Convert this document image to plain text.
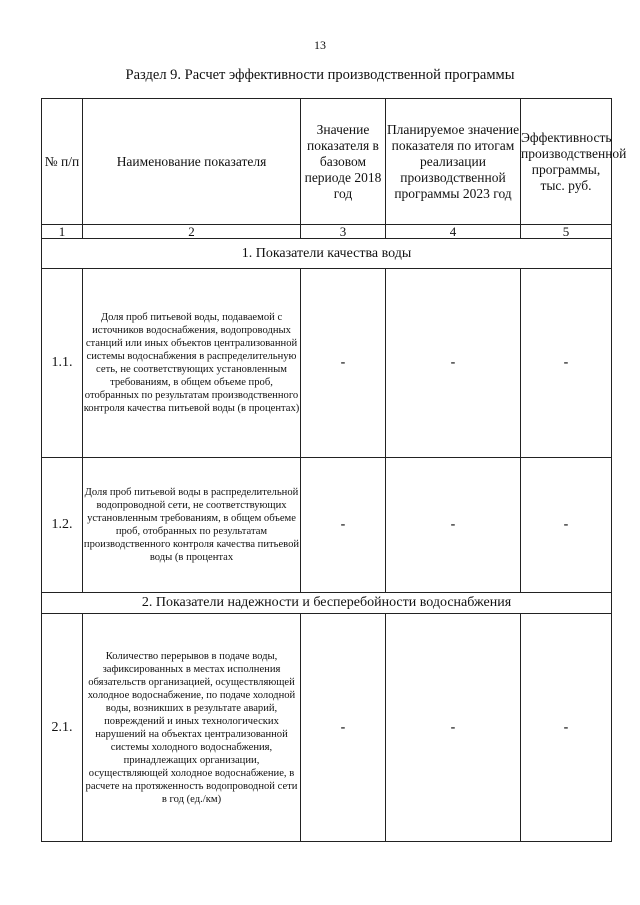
13
Раздел 9. Расчет эффективности производственной программы
№ п/п	Наименование показателя	Значение показателя в базовом периоде 2018 год	Планируемое значение показателя по итогам реализации производственной программы 2023 год	Эффективность производственной программы, тыс. руб.
1	2	3	4	5
1. Показатели качества воды				
1.1.	Доля проб питьевой воды, подаваемой с источников водоснабжения, водопроводных станций или иных объектов централизованной системы водоснабжения в распределительную сеть, не соответствующих установленным требованиям, в общем объеме проб, отобранных по результатам производственного контроля качества питьевой воды (в процентах)	-	-	-
1.2.	Доля проб питьевой воды в распределительной водопроводной сети, не соответствующих установленным требованиям, в общем объеме проб, отобранных по результатам производственного контроля качества питьевой воды (в процентах	-	-	-
2. Показатели надежности и бесперебойности водоснабжения				
2.1.	Количество перерывов в подаче воды, зафиксированных в местах исполнения обязательств организацией, осуществляющей холодное водоснабжение, по подаче холодной воды, возникших в результате аварий, повреждений и иных технологических нарушений на объектах централизованной системы холодного водоснабжения, принадлежащих организации, осуществляющей холодное водоснабжение, в расчете на протяженность водопроводной сети в год (ед./км)	-	-	-
